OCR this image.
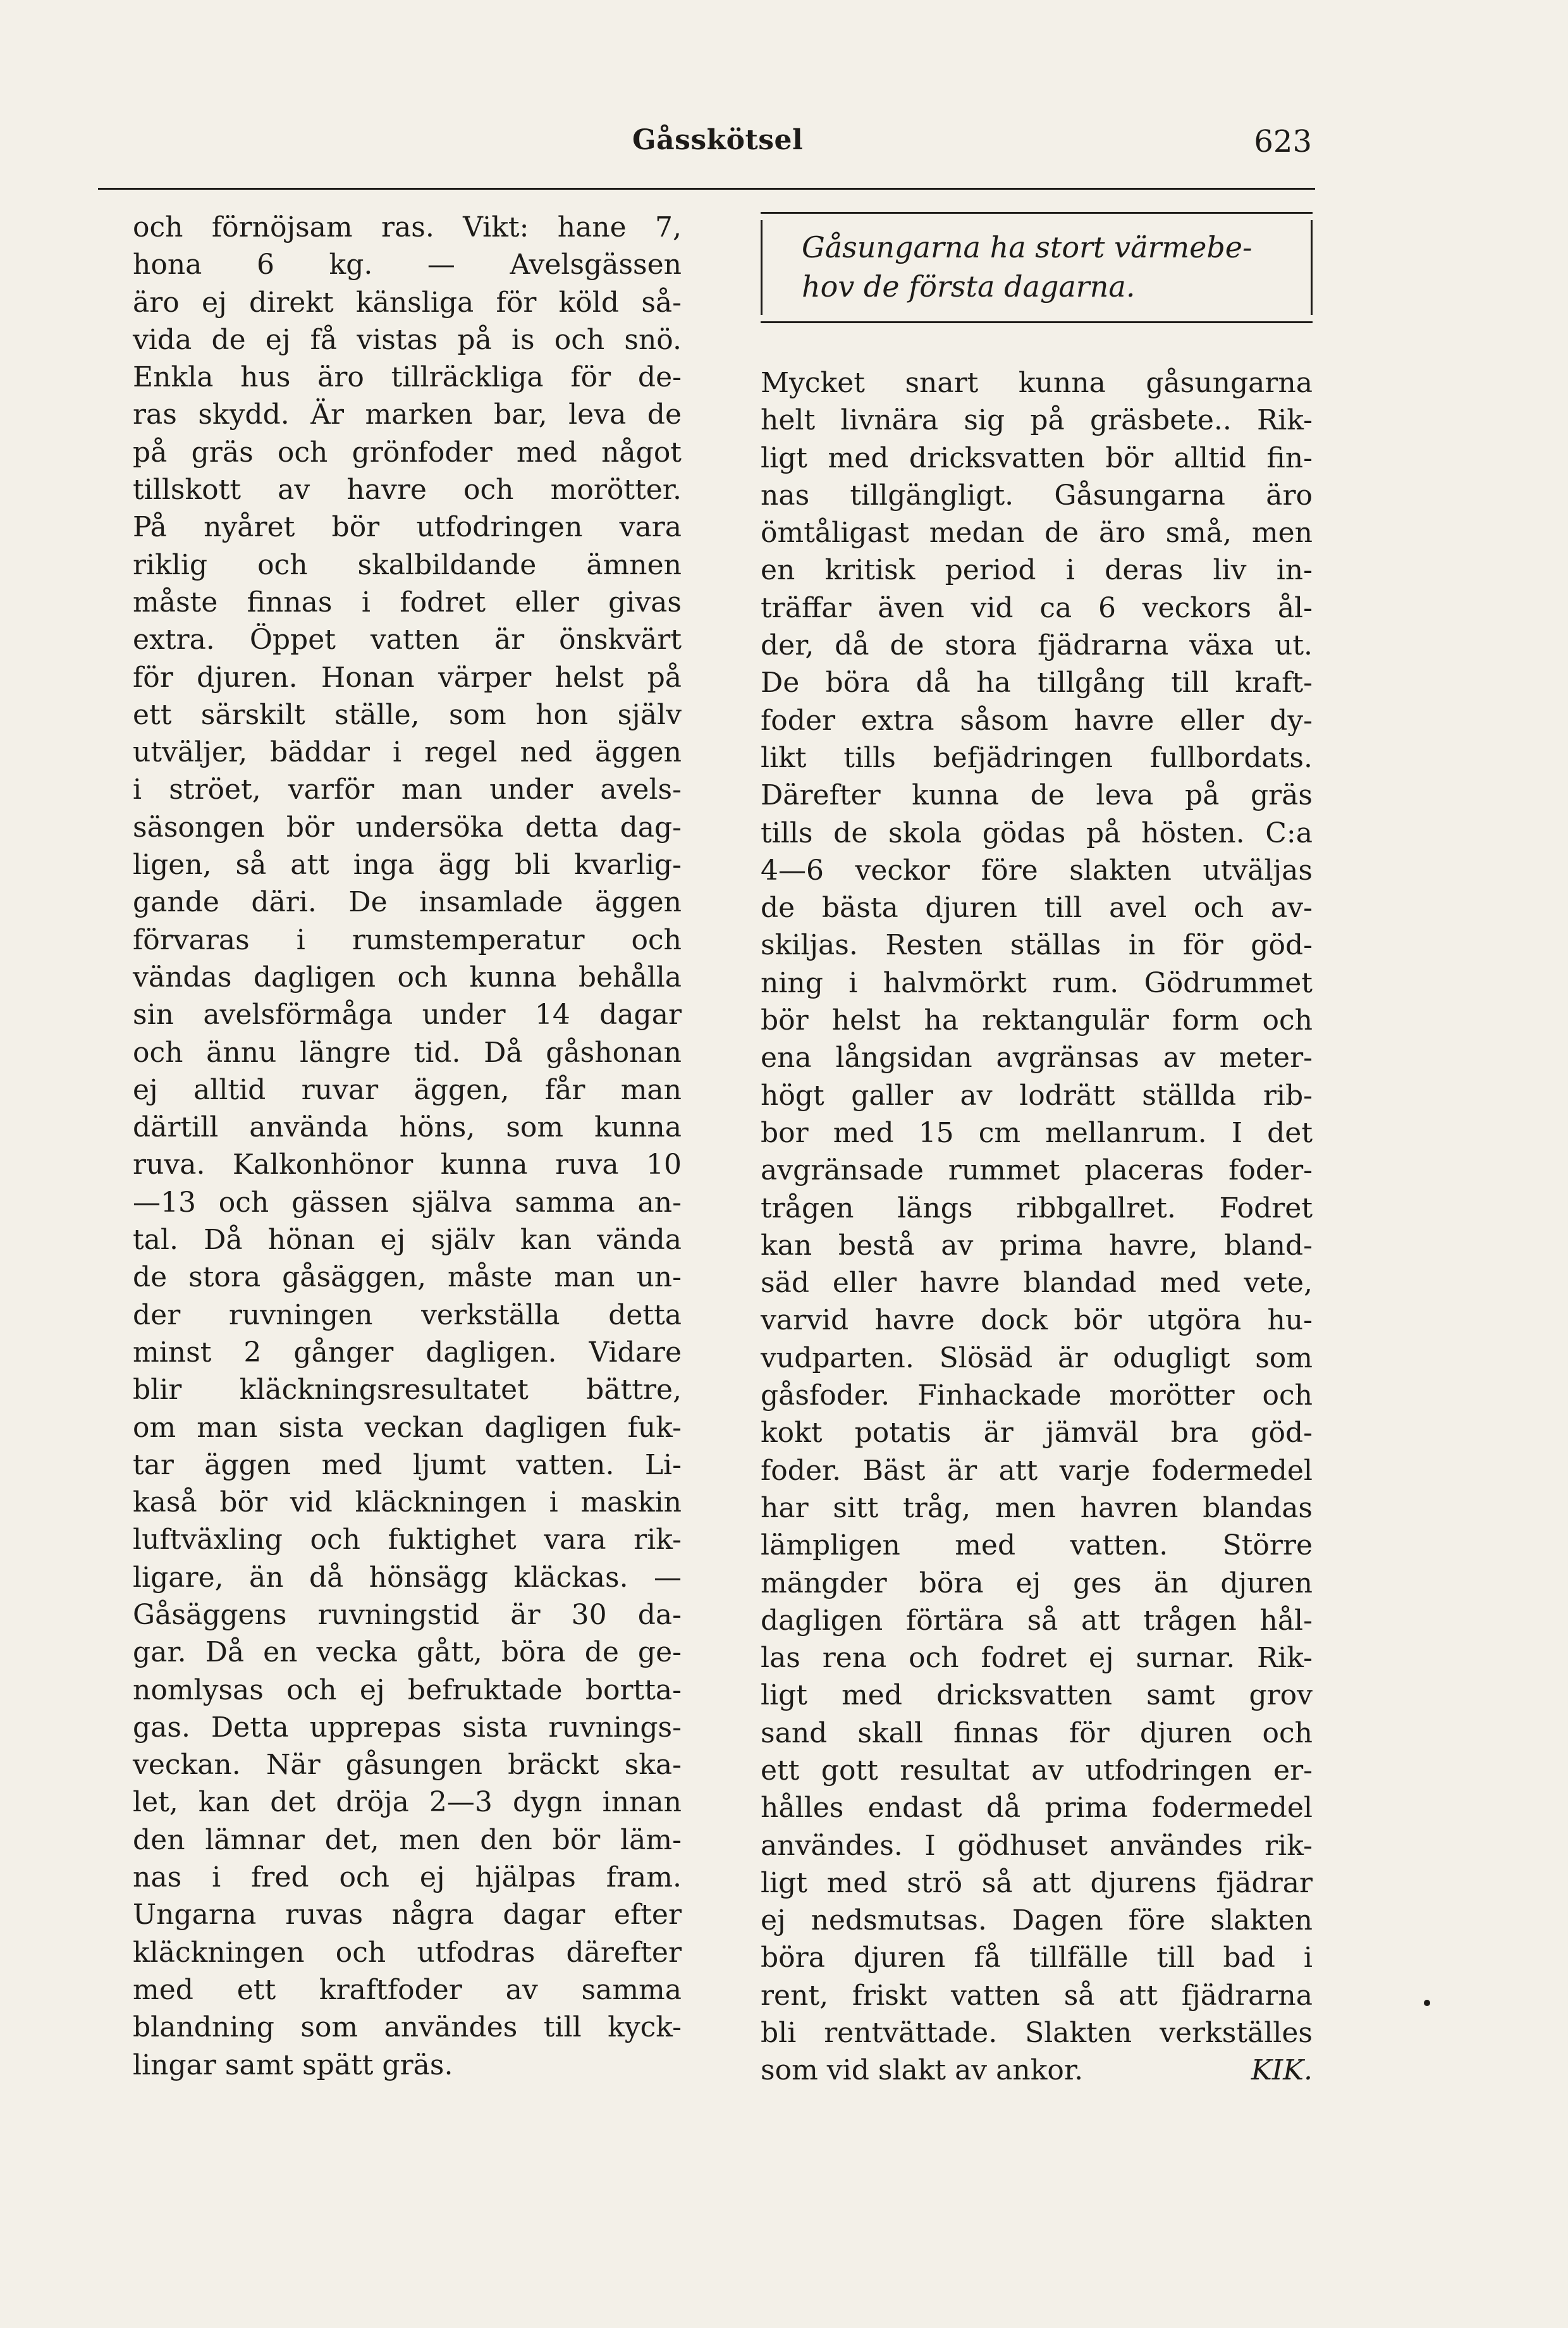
Gåsskötsel	623
och förnöjsam ras. Vikt: hane 7,
hona 6 kg. — Avelsgässen
äro ej direkt känsliga för köld så-
vida de ej få vistas på is och snö.
Enkla hus äro tillräckliga för de-
ras skydd. Är marken bar, leva de
på gräs och grönfoder med något
tillskott av havre och morötter.
På nyåret bör utfodringen vara
riklig och skalbildande ämnen
måste finnas i fodret eller givas
extra. Öppet vatten är önskvärt
för djuren. Honan värper helst på
ett särskilt ställe, som hon själv
utväljer, bäddar i regel ned äggen
i ströet, varför man under avels-
säsongen bör undersöka detta dag-
ligen, så att inga ägg bli kvarlig-
gande däri. De insamlade äggen
förvaras i rumstemperatur och
vändas dagligen och kunna behålla
sin avelsförmåga under 14 dagar
och ännu längre tid. Då gåshonan
ej alltid ruvar äggen, får man
därtill använda höns, som kunna
ruva. Kalkonhönor kunna ruva 10
—13 och gässen själva samma an-
tal. Då hönan ej själv kan vända
de stora gåsäggen, måste man un-
der ruvningen verkställa detta
minst 2 gånger dagligen. Vidare
blir kläckningsresultatet bättre,
om man sista veckan dagligen fuk-
tar äggen med ljumt vatten. Li-
kaså bör vid kläckningen i maskin
luftväxling och fuktighet vara rik-
ligare, än då hönsägg kläckas. —
Gåsäggens ruvningstid är 30 da-
gar. Då en vecka gått, böra de ge-
nomlysas och ej befruktade bortta-
gas. Detta upprepas sista ruvnings-
veckan. När gåsungen bräckt ska-
let, kan det dröja 2—3 dygn innan
den lämnar det, men den bör läm-
nas i fred och ej hjälpas fram.
Ungarna ruvas några dagar efter
kläckningen och utfodras därefter
med ett kraftfoder av samma
blandning som användes till kyck-
lingar samt spätt gräs.
Gåsungarna ha stort värmebe-
hov de första dagarna.
Mycket snart kunna gåsungarna
helt livnära sig på gräsbete.. Rik-
ligt med dricksvatten bör alltid fin-
nas tillgängligt. Gåsungarna äro
ömtåligast medan de äro små, men
en kritisk period i deras liv in-
träffar även vid ca 6 veckors ål-
der, då de stora fjädrarna växa ut.
De böra då ha tillgång till kraft-
foder extra såsom havre eller dy-
likt tills befjädringen fullbordats.
Därefter kunna de leva på gräs
tills de skola gödas på hösten. C:a
4—6 veckor före slakten utväljas
de bästa djuren till avel och av-
skiljas. Resten ställas in för göd-
ning i halvmörkt rum. Gödrummet
bör helst ha rektangulär form och
ena långsidan avgränsas av meter-
högt galler av lodrätt ställda rib-
bor med 15 cm mellanrum. I det
avgränsade rummet placeras foder-
trågen längs ribbgallret. Fodret
kan bestå av prima havre, bland-
säd eller havre blandad med vete,
varvid havre dock bör utgöra hu-
vudparten. Slösäd är odugligt som
gåsfoder. Finhackade morötter och
kokt potatis är jämväl bra göd-
foder. Bäst är att varje fodermedel
har sitt tråg, men havren blandas
lämpligen med vatten. Större
mängder böra ej ges än djuren
dagligen förtära så att trågen hål-
las rena och fodret ej surnar. Rik-
ligt med dricksvatten samt grov
sand skall finnas för djuren och
ett gott resultat av utfodringen er-
hålles endast då prima fodermedel
användes. I gödhuset användes rik-
ligt med strö så att djurens fjädrar
ej nedsmutsas. Dagen före slakten
böra djuren få tillfälle till bad i
rent, friskt vatten så att fjädrarna
bli rentvättade. Slakten verkställes
som vid slakt av ankor.	KIK.
